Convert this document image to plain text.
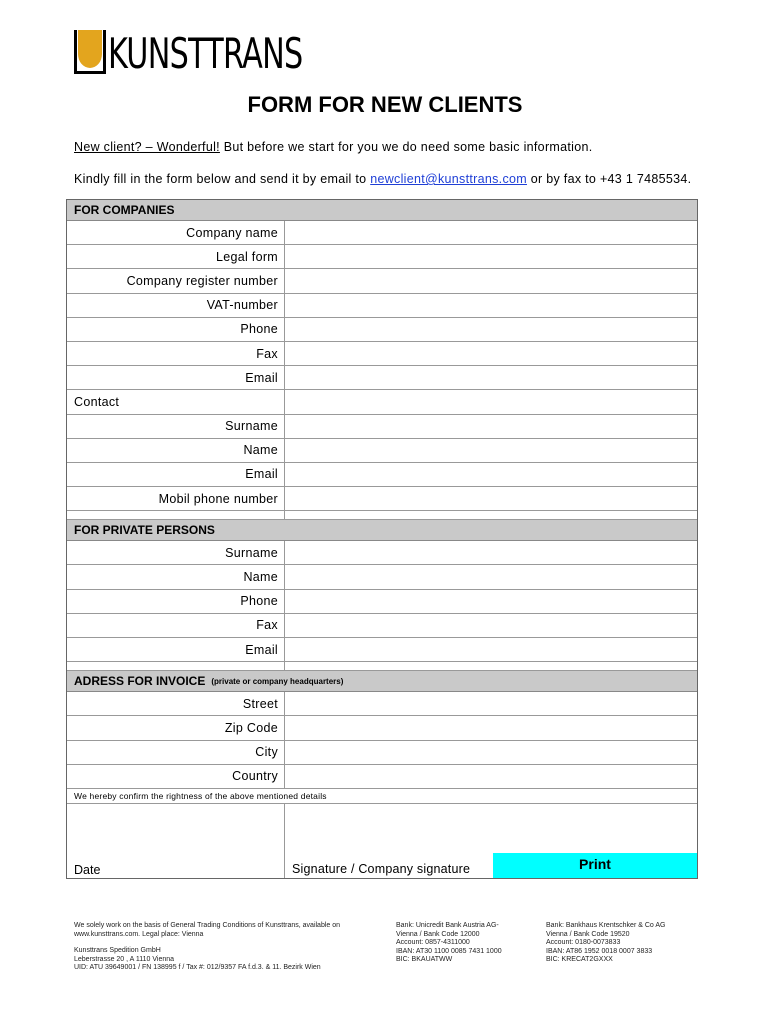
KUNSTTRANS
FORM FOR NEW CLIENTS
New client? – Wonderful! But before we start for you we do need some basic information.
Kindly fill in the form below and send it by email to newclient@kunsttrans.com or by fax to +43 1 7485534.
FOR COMPANIES
Company name
Legal form
Company register number
VAT-number
Phone
Fax
Email
Contact
Surname
Name
Email
Mobil phone number
FOR PRIVATE PERSONS
Surname
Name
Phone
Fax
Email
ADRESS FOR INVOICE (private or company headquarters)
Street
Zip Code
City
Country
We hereby confirm the rightness of the above mentioned details
Date	Signature / Company signature	Print
We solely work on the basis of General Trading Conditions of Kunsttrans, available on
www.kunsttrans.com. Legal place: Vienna
Kunsttrans Spedition GmbH
Leberstrasse 20 , A 1110 Vienna
UID: ATU 39649001 / FN 138995 f / Tax #: 012/9357 FA f.d.3. & 11. Bezirk Wien
Bank: Unicredit Bank Austria AG-
Vienna / Bank Code 12000
Account: 0857-4311000
IBAN: AT30 1100 0085 7431 1000
BIC: BKAUATWW
Bank: Bankhaus Krentschker & Co AG
Vienna / Bank Code 19520
Account: 0180-0073833
IBAN: AT86 1952 0018 0007 3833
BIC: KRECAT2GXXX
